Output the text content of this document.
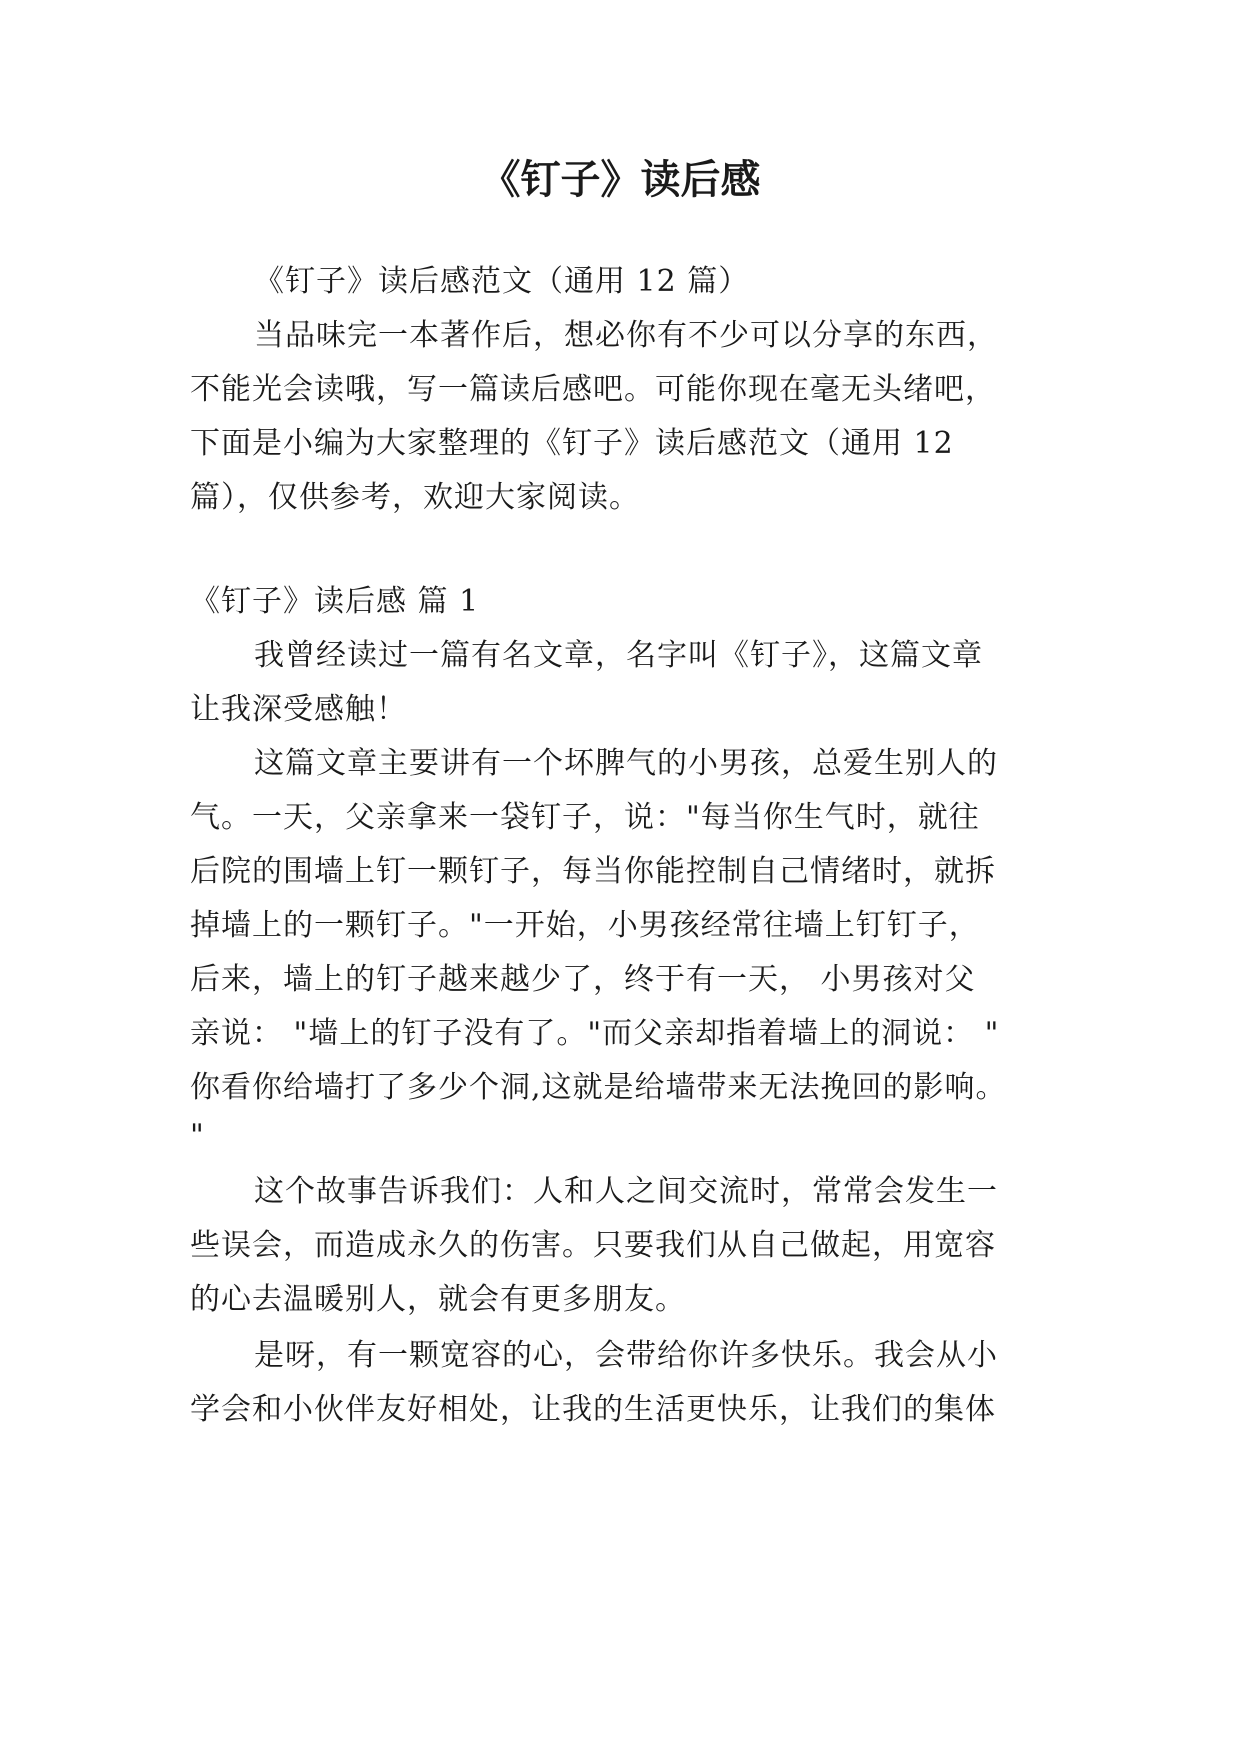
《钉子》读后感
《钉子》读后感范文（通用 12 篇）
当品味完一本著作后，想必你有不少可以分享的东西，
不能光会读哦，写一篇读后感吧。可能你现在毫无头绪吧，
下面是小编为大家整理的《钉子》读后感范文（通用 12
篇），仅供参考，欢迎大家阅读。
《钉子》读后感 篇 1
我曾经读过一篇有名文章，名字叫《钉子》，这篇文章
让我深受感触！
这篇文章主要讲有一个坏脾气的小男孩，总爱生别人的
气。一天，父亲拿来一袋钉子，说："每当你生气时，就往
后院的围墙上钉一颗钉子，每当你能控制自己情绪时，就拆
掉墙上的一颗钉子。"一开始，小男孩经常往墙上钉钉子，
后来，墙上的钉子越来越少了，终于有一天， 小男孩对父
亲说： "墙上的钉子没有了。"而父亲却指着墙上的洞说： "
你看你给墙打了多少个洞,这就是给墙带来无法挽回的影响。
"
这个故事告诉我们：人和人之间交流时，常常会发生一
些误会，而造成永久的伤害。只要我们从自己做起，用宽容
的心去温暖别人，就会有更多朋友。
是呀，有一颗宽容的心，会带给你许多快乐。我会从小
学会和小伙伴友好相处，让我的生活更快乐，让我们的集体
